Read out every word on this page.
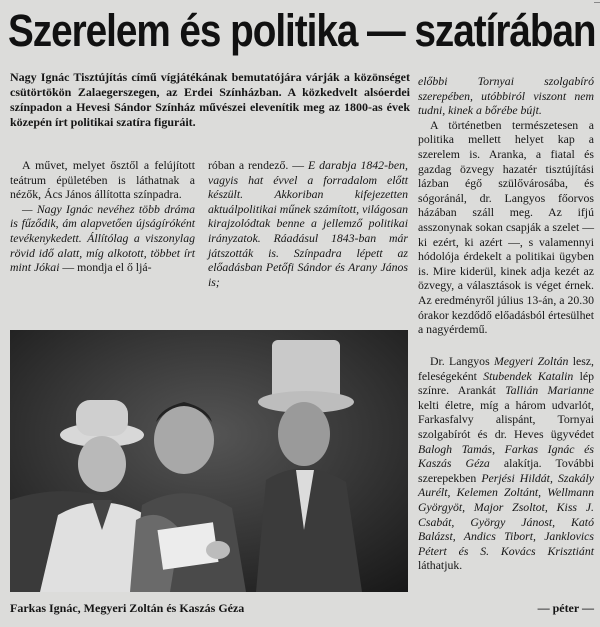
Szerelem és politika — szatírában
Nagy Ignác Tisztújítás című vígjátékának bemutatójára várják a közönséget csütörtökön Zalaegerszegen, az Erdei Színházban. A közkedvelt alsóerdei színpadon a Hevesi Sándor Színház művészei elevenítik meg az 1800-as évek közepén írt politikai szatíra figuráit.

A művet, melyet ősztől a felújított teátrum épületében is láthatnak a nézők, Ács János állította színpadra.

— Nagy Ignác nevéhez több dráma is fűződik, ám alapvetően újságíróként tevékenykedett. Állítólag a viszonylag rövid idő alatt, míg alkotott, többet írt mint Jókai — mondja el ő ljá-

róban a rendező. — E darabja 1842-ben, vagyis hat évvel a forradalom előtt készült. Akkoriban kifejezetten aktuálpolitikai műnek számított, világosan kirajzolódtak benne a jellemző politikai irányzatok. Ráadásul 1843-ban már játszották is. Színpadra lépett az előadásban Petőfi Sándor és Arany János is;

előbbi Tornyai szolgabíró szerepében, utóbbiról viszont nem tudni, kinek a bőrébe bújt.

A történetben természetesen a politika mellett helyet kap a szerelem is. Aranka, a fiatal és gazdag özvegy hazatér tisztújítási lázban égő szülővárosába, és sógoránál, dr. Langyos főorvos házában száll meg. Az ifjú asszonynak sokan csapják a szelet — ki ezért, ki azért —, s valamennyi hódolója érdekelt a politikai ügyben is. Mire kiderül, kinek adja kezét az özvegy, a választások is véget érnek. Az eredményről július 13-án, a 20.30 órakor kezdődő előadásból értesülhet a nagyérdemű.

Dr. Langyos Megyeri Zoltán lesz, feleségeként Stubendek Katalin lép színre. Arankát Tallián Marianne kelti életre, míg a három udvarlót, Farkasfalvy alispánt, Tornyai szolgabírót és dr. Heves ügyvédet Balogh Tamás, Farkas Ignác és Kaszás Géza alakítja. További szerepekben Perjési Hildát, Szakály Aurélt, Kelemen Zoltánt, Wellmann Györgyöt, Major Zsoltot, Kiss J. Csabát, György Jánost, Kató Balázst, Andics Tibort, Janklovics Pétert és S. Kovács Krisztiánt láthatjuk.

Farkas Ignác, Megyeri Zoltán és Kaszás Géza	— péter —
